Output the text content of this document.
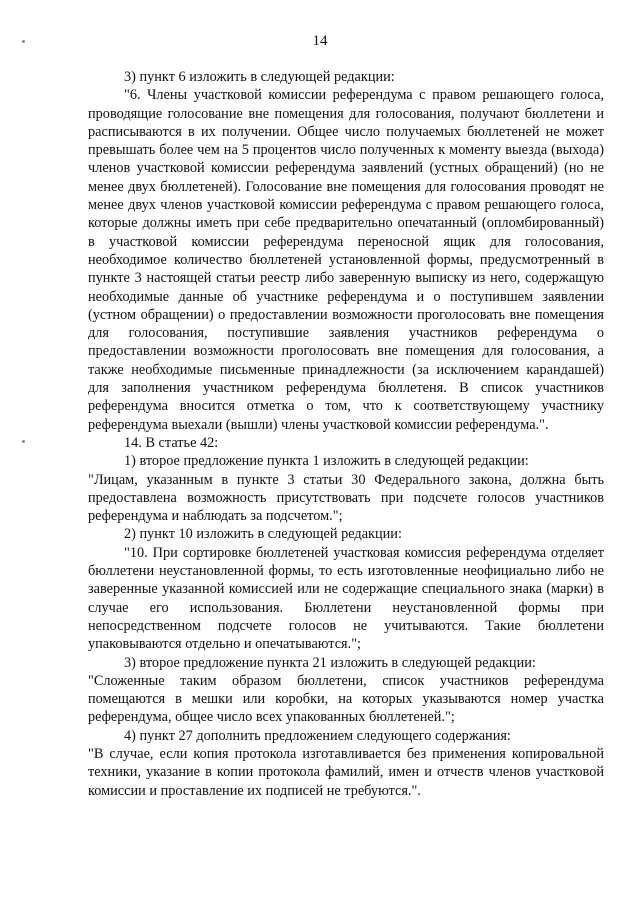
14

3) пункт 6 изложить в следующей редакции:

"6. Члены участковой комиссии референдума с правом решающего голоса, проводящие голосование вне помещения для голосования, получают бюллетени и расписываются в их получении. Общее число получаемых бюллетеней не может превышать более чем на 5 процентов число полученных к моменту выезда (выхода) членов участковой комиссии референдума заявлений (устных обращений) (но не менее двух бюллетеней). Голосование вне помещения для голосования проводят не менее двух членов участковой комиссии референдума с правом решающего голоса, которые должны иметь при себе предварительно опечатанный (опломбированный) в участковой комиссии референдума переносной ящик для голосования, необходимое количество бюллетеней установленной формы, предусмотренный в пункте 3 настоящей статьи реестр либо заверенную выписку из него, содержащую необходимые данные об участнике референдума и о поступившем заявлении (устном обращении) о предоставлении возможности проголосовать вне помещения для голосования, поступившие заявления участников референдума о предоставлении возможности проголосовать вне помещения для голосования, а также необходимые письменные принадлежности (за исключением карандашей) для заполнения участником референдума бюллетеня. В список участников референдума вносится отметка о том, что к соответствующему участнику референдума выехали (вышли) члены участковой комиссии референдума.".

14. В статье 42:

1) второе предложение пункта 1 изложить в следующей редакции:

"Лицам, указанным в пункте 3 статьи 30 Федерального закона, должна быть предоставлена возможность присутствовать при подсчете голосов участников референдума и наблюдать за подсчетом.";

2) пункт 10 изложить в следующей редакции:

"10. При сортировке бюллетеней участковая комиссия референдума отделяет бюллетени неустановленной формы, то есть изготовленные неофициально либо не заверенные указанной комиссией или не содержащие специального знака (марки) в случае его использования. Бюллетени неустановленной формы при непосредственном подсчете голосов не учитываются. Такие бюллетени упаковываются отдельно и опечатываются.";

3) второе предложение пункта 21 изложить в следующей редакции:

"Сложенные таким образом бюллетени, список участников референдума помещаются в мешки или коробки, на которых указываются номер участка референдума, общее число всех упакованных бюллетеней.";

4) пункт 27 дополнить предложением следующего содержания:

"В случае, если копия протокола изготавливается без применения копировальной техники, указание в копии протокола фамилий, имен и отчеств членов участковой комиссии и проставление их подписей не требуются.".
